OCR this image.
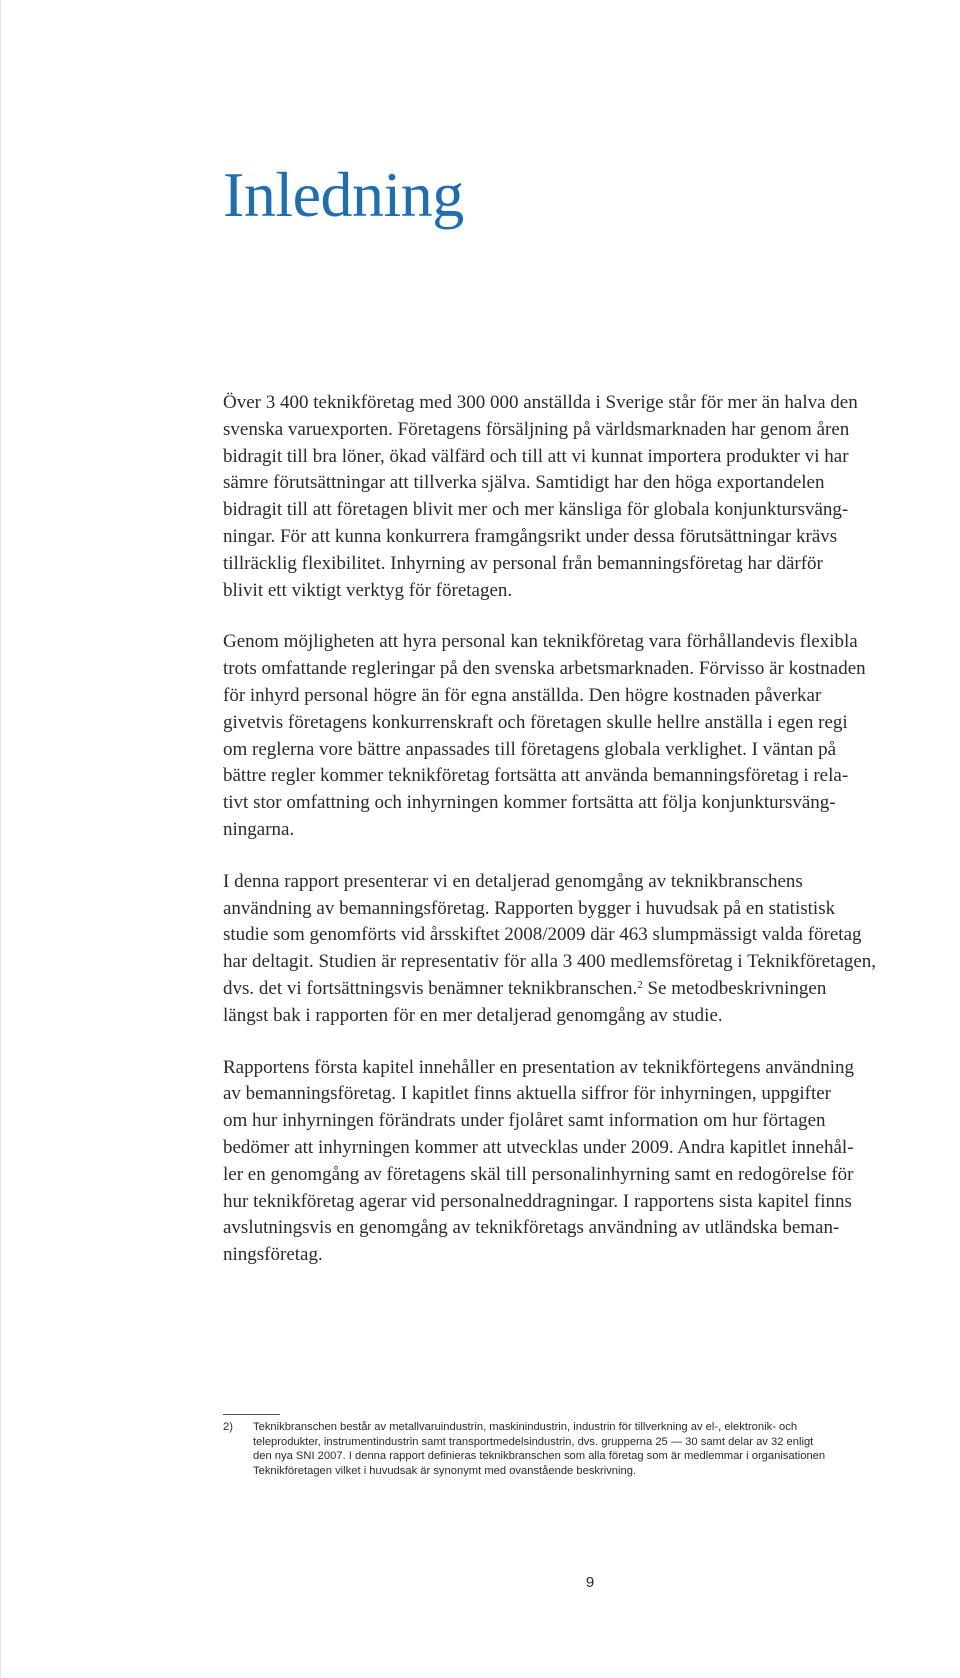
Inledning

Över 3 400 teknikföretag med 300 000 anställda i Sverige står för mer än halva den
svenska varuexporten. Företagens försäljning på världsmarknaden har genom åren
bidragit till bra löner, ökad välfärd och till att vi kunnat importera produkter vi har
sämre förutsättningar att tillverka själva. Samtidigt har den höga exportandelen
bidragit till att företagen blivit mer och mer känsliga för globala konjunktursväng-
ningar. För att kunna konkurrera framgångsrikt under dessa förutsättningar krävs
tillräcklig flexibilitet. Inhyrning av personal från bemanningsföretag har därför
blivit ett viktigt verktyg för företagen.

Genom möjligheten att hyra personal kan teknikföretag vara förhållandevis flexibla
trots omfattande regleringar på den svenska arbetsmarknaden. Förvisso är kostnaden
för inhyrd personal högre än för egna anställda. Den högre kostnaden påverkar
givetvis företagens konkurrenskraft och företagen skulle hellre anställa i egen regi
om reglerna vore bättre anpassades till företagens globala verklighet. I väntan på
bättre regler kommer teknikföretag fortsätta att använda bemanningsföretag i rela-
tivt stor omfattning och inhyrningen kommer fortsätta att följa konjunktursväng-
ningarna.

I denna rapport presenterar vi en detaljerad genomgång av teknikbranschens
användning av bemanningsföretag. Rapporten bygger i huvudsak på en statistisk
studie som genomförts vid årsskiftet 2008/2009 där 463 slumpmässigt valda företag
har deltagit. Studien är representativ för alla 3 400 medlemsföretag i Teknikföretagen,
dvs. det vi fortsättningsvis benämner teknikbranschen.$^2$ Se metodbeskrivningen
längst bak i rapporten för en mer detaljerad genomgång av studie.

Rapportens första kapitel innehåller en presentation av teknikförtegens användning
av bemanningsföretag. I kapitlet finns aktuella siffror för inhyrningen, uppgifter
om hur inhyrningen förändrats under fjolåret samt information om hur förtagen
bedömer att inhyrningen kommer att utvecklas under 2009. Andra kapitlet innehål-
ler en genomgång av företagens skäl till personalinhyrning samt en redogörelse för
hur teknikföretag agerar vid personalneddragningar. I rapportens sista kapitel finns
avslutningsvis en genomgång av teknikföretags användning av utländska beman-
ningsföretag.

2) Teknikbranschen består av metallvaruindustrin, maskinindustrin, industrin för tillverkning av el-, elektronik- och
teleprodukter, instrumentindustrin samt transportmedelsindustrin, dvs. grupperna 25 — 30 samt delar av 32 enligt
den nya SNI 2007. I denna rapport definieras teknikbranschen som alla företag som är medlemmar i organisationen
Teknikföretagen vilket i huvudsak är synonymt med ovanstående beskrivning.
9
